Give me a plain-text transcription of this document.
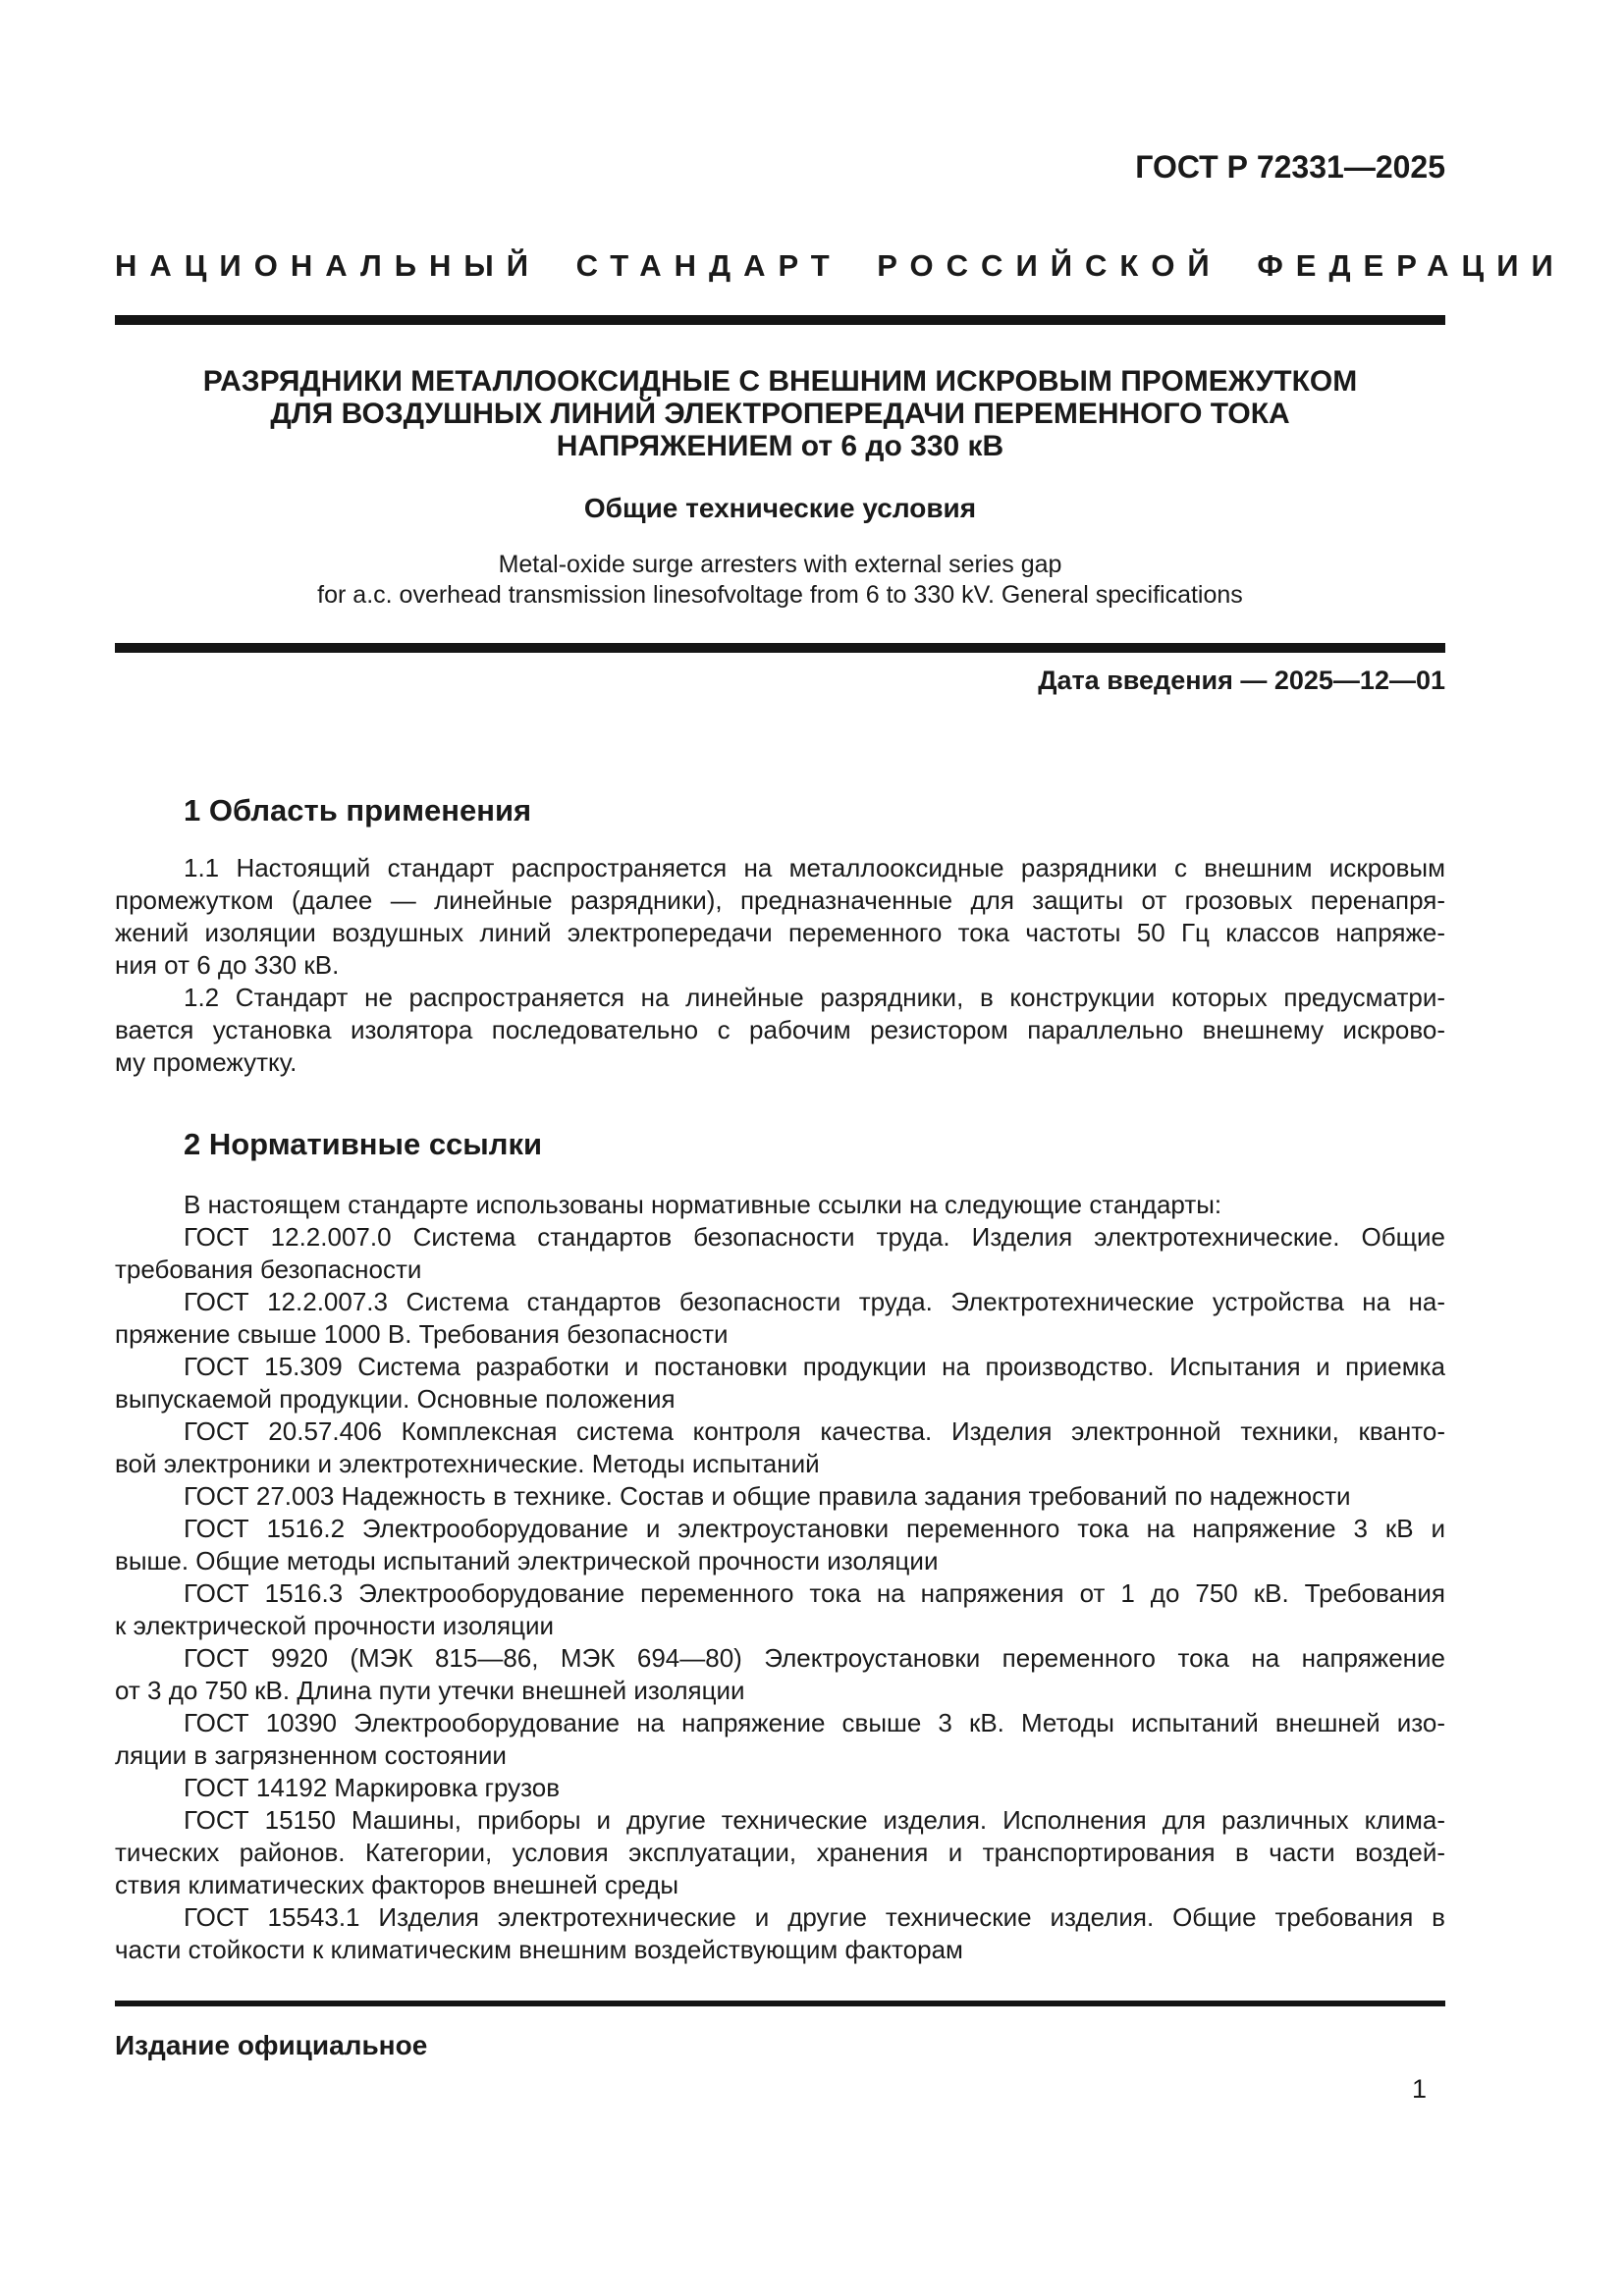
ГОСТ Р 72331—2025
НАЦИОНАЛЬНЫЙ СТАНДАРТ РОССИЙСКОЙ ФЕДЕРАЦИИ
РАЗРЯДНИКИ МЕТАЛЛООКСИДНЫЕ С ВНЕШНИМ ИСКРОВЫМ ПРОМЕЖУТКОМ
ДЛЯ ВОЗДУШНЫХ ЛИНИЙ ЭЛЕКТРОПЕРЕДАЧИ ПЕРЕМЕННОГО ТОКА
НАПРЯЖЕНИЕМ от 6 до 330 кВ
Общие технические условия
Metal-oxide surge arresters with external series gap
for a.c. overhead transmission linesofvoltage from 6 to 330 kV. General specifications
Дата введения — 2025—12—01
1 Область применения
1.1 Настоящий стандарт распространяется на металлооксидные разрядники с внешним искровым
промежутком (далее — линейные разрядники), предназначенные для защиты от грозовых перенапря-
жений изоляции воздушных линий электропередачи переменного тока частоты 50 Гц классов напряже-
ния от 6 до 330 кВ.
1.2 Стандарт не распространяется на линейные разрядники, в конструкции которых предусматри-
вается установка изолятора последовательно с рабочим резистором параллельно внешнему искрово-
му промежутку.
2 Нормативные ссылки
В настоящем стандарте использованы нормативные ссылки на следующие стандарты:
ГОСТ 12.2.007.0 Система стандартов безопасности труда. Изделия электротехнические. Общие
требования безопасности
ГОСТ 12.2.007.3 Система стандартов безопасности труда. Электротехнические устройства на на-
пряжение свыше 1000 В. Требования безопасности
ГОСТ 15.309 Система разработки и постановки продукции на производство. Испытания и приемка
выпускаемой продукции. Основные положения
ГОСТ 20.57.406 Комплексная система контроля качества. Изделия электронной техники, кванто-
вой электроники и электротехнические. Методы испытаний
ГОСТ 27.003 Надежность в технике. Состав и общие правила задания требований по надежности
ГОСТ 1516.2 Электрооборудование и электроустановки переменного тока на напряжение 3 кВ и
выше. Общие методы испытаний электрической прочности изоляции
ГОСТ 1516.3 Электрооборудование переменного тока на напряжения от 1 до 750 кВ. Требования
к электрической прочности изоляции
ГОСТ 9920 (МЭК 815—86, МЭК 694—80) Электроустановки переменного тока на напряжение
от 3 до 750 кВ. Длина пути утечки внешней изоляции
ГОСТ 10390 Электрооборудование на напряжение свыше 3 кВ. Методы испытаний внешней изо-
ляции в загрязненном состоянии
ГОСТ 14192 Маркировка грузов
ГОСТ 15150 Машины, приборы и другие технические изделия. Исполнения для различных клима-
тических районов. Категории, условия эксплуатации, хранения и транспортирования в части воздей-
ствия климатических факторов внешней среды
ГОСТ 15543.1 Изделия электротехнические и другие технические изделия. Общие требования в
части стойкости к климатическим внешним воздействующим факторам
Издание официальное
1
